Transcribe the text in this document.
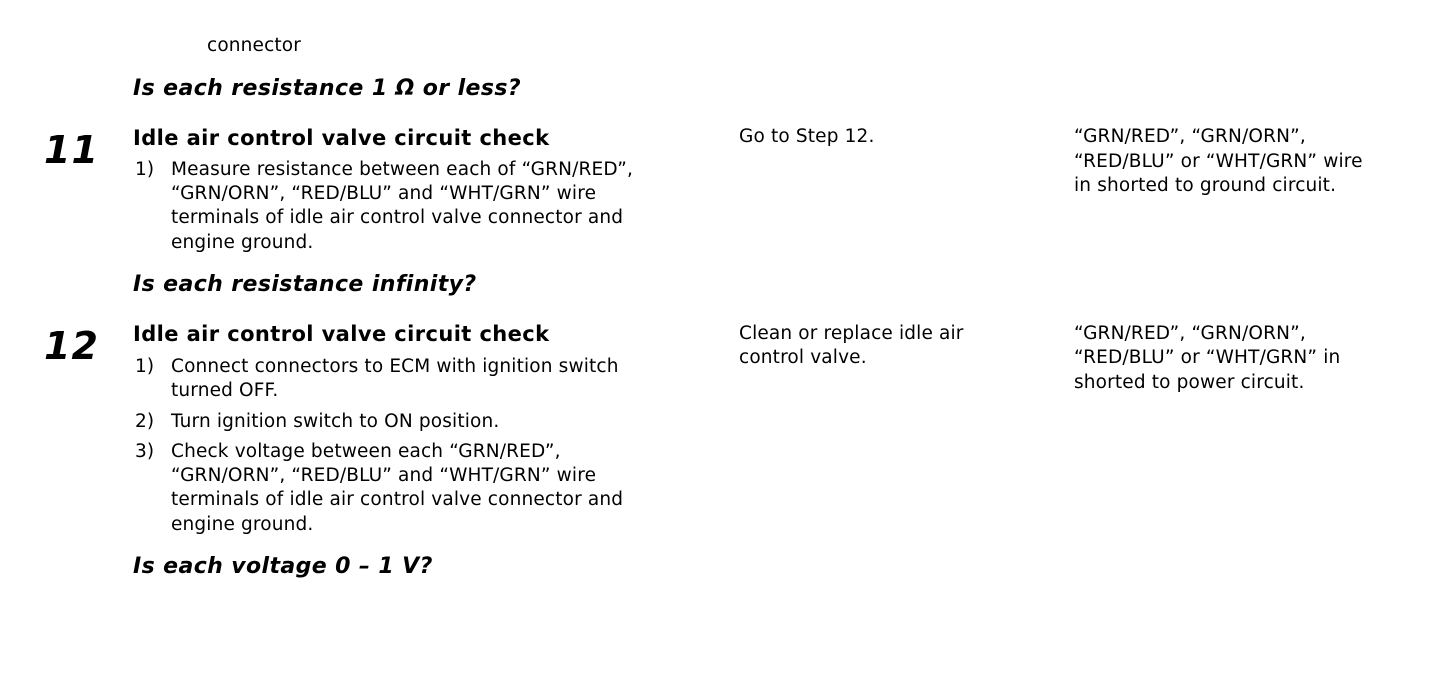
connector
Is each resistance 1 Ω or less?
11 Idle air control valve circuit check
1) Measure resistance between each of “GRN/RED”,
“GRN/ORN”, “RED/BLU” and “WHT/GRN” wire
terminals of idle air control valve connector and
engine ground.
Is each resistance infinity?
Go to Step 12.	“GRN/RED”, “GRN/ORN”,
“RED/BLU” or “WHT/GRN” wire
in shorted to ground circuit.
12 Idle air control valve circuit check
1) Connect connectors to ECM with ignition switch
turned OFF.
2) Turn ignition switch to ON position.
3) Check voltage between each “GRN/RED”,
“GRN/ORN”, “RED/BLU” and “WHT/GRN” wire
terminals of idle air control valve connector and
engine ground.
Is each voltage 0 – 1 V?
Clean or replace idle air
control valve.
“GRN/RED”, “GRN/ORN”,
“RED/BLU” or “WHT/GRN” in
shorted to power circuit.
